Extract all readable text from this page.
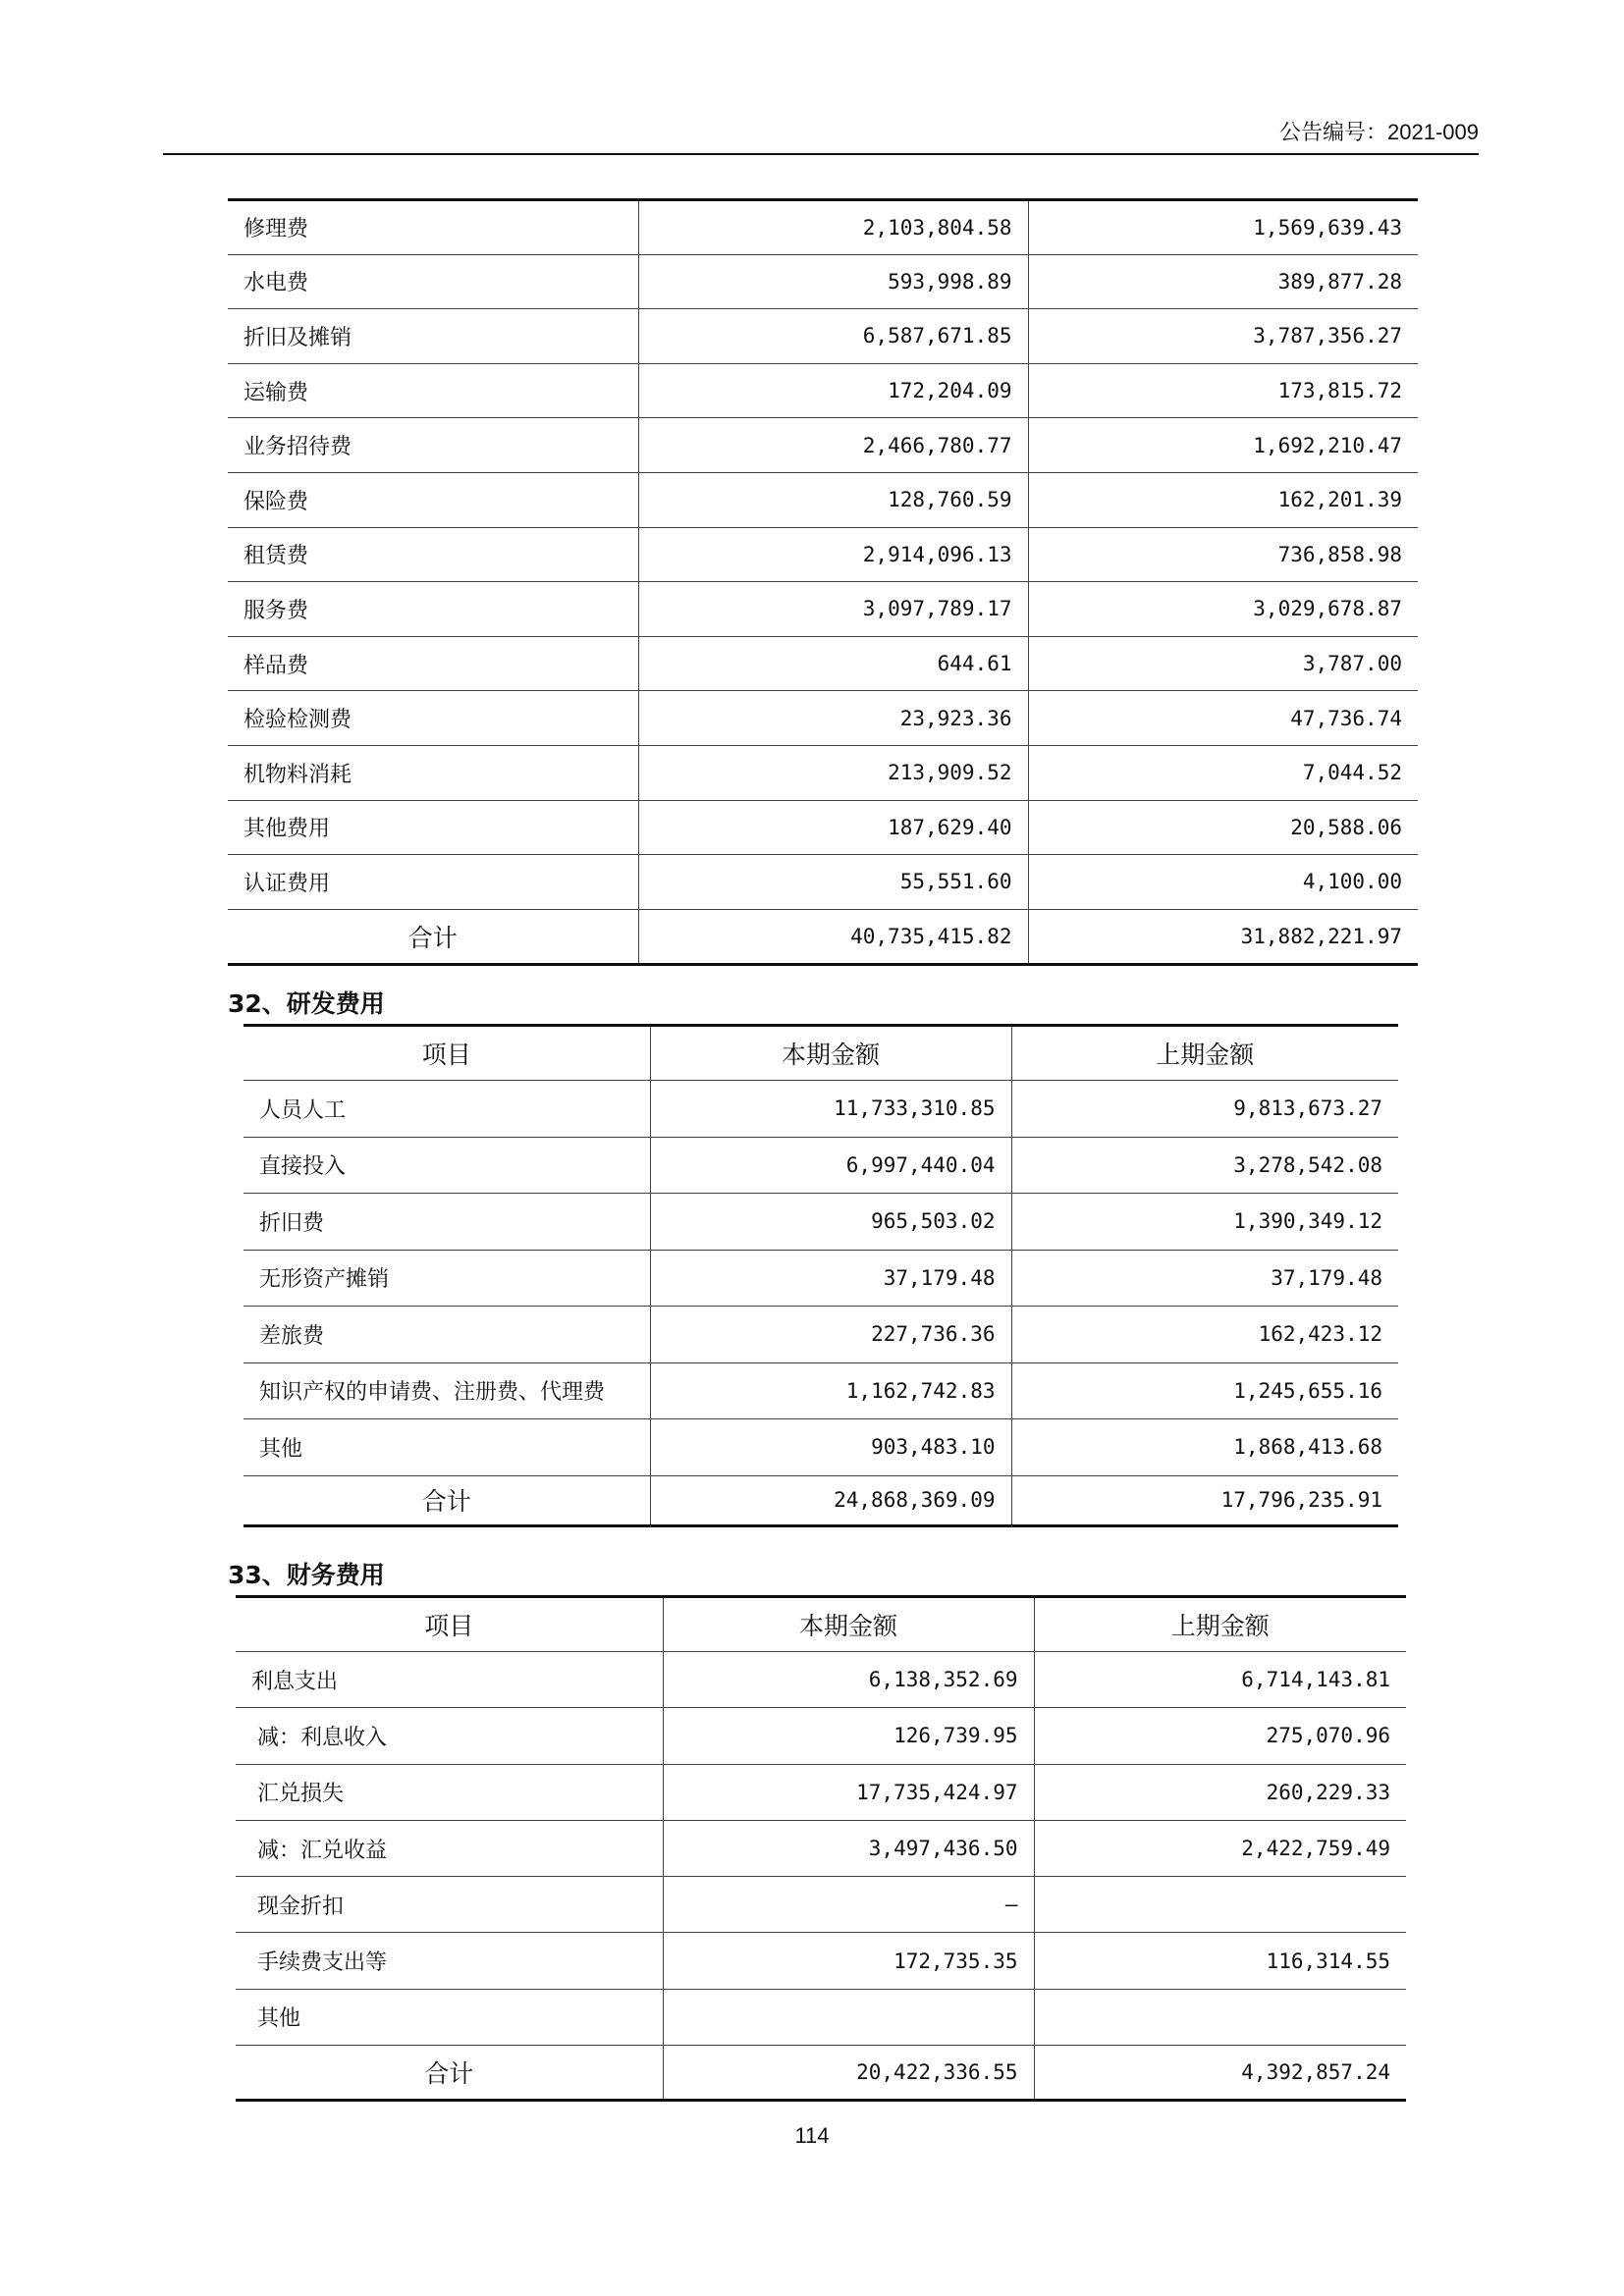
公告编号：2021-009
修理费	2,103,804.58	1,569,639.43
水电费	593,998.89	389,877.28
折旧及摊销	6,587,671.85	3,787,356.27
运输费	172,204.09	173,815.72
业务招待费	2,466,780.77	1,692,210.47
保险费	128,760.59	162,201.39
租赁费	2,914,096.13	736,858.98
服务费	3,097,789.17	3,029,678.87
样品费	644.61	3,787.00
检验检测费	23,923.36	47,736.74
机物料消耗	213,909.52	7,044.52
其他费用	187,629.40	20,588.06
认证费用	55,551.60	4,100.00
合计	40,735,415.82	31,882,221.97
32、研发费用
项目	本期金额	上期金额
人员人工	11,733,310.85	9,813,673.27
直接投入	6,997,440.04	3,278,542.08
折旧费	965,503.02	1,390,349.12
无形资产摊销	37,179.48	37,179.48
差旅费	227,736.36	162,423.12
知识产权的申请费、注册费、代理费	1,162,742.83	1,245,655.16
其他	903,483.10	1,868,413.68
合计	24,868,369.09	17,796,235.91
33、财务费用
项目	本期金额	上期金额
利息支出	6,138,352.69	6,714,143.81
减：利息收入	126,739.95	275,070.96
汇兑损失	17,735,424.97	260,229.33
减：汇兑收益	3,497,436.50	2,422,759.49
现金折扣	–	
手续费支出等	172,735.35	116,314.55
其他		
合计	20,422,336.55	4,392,857.24
114
